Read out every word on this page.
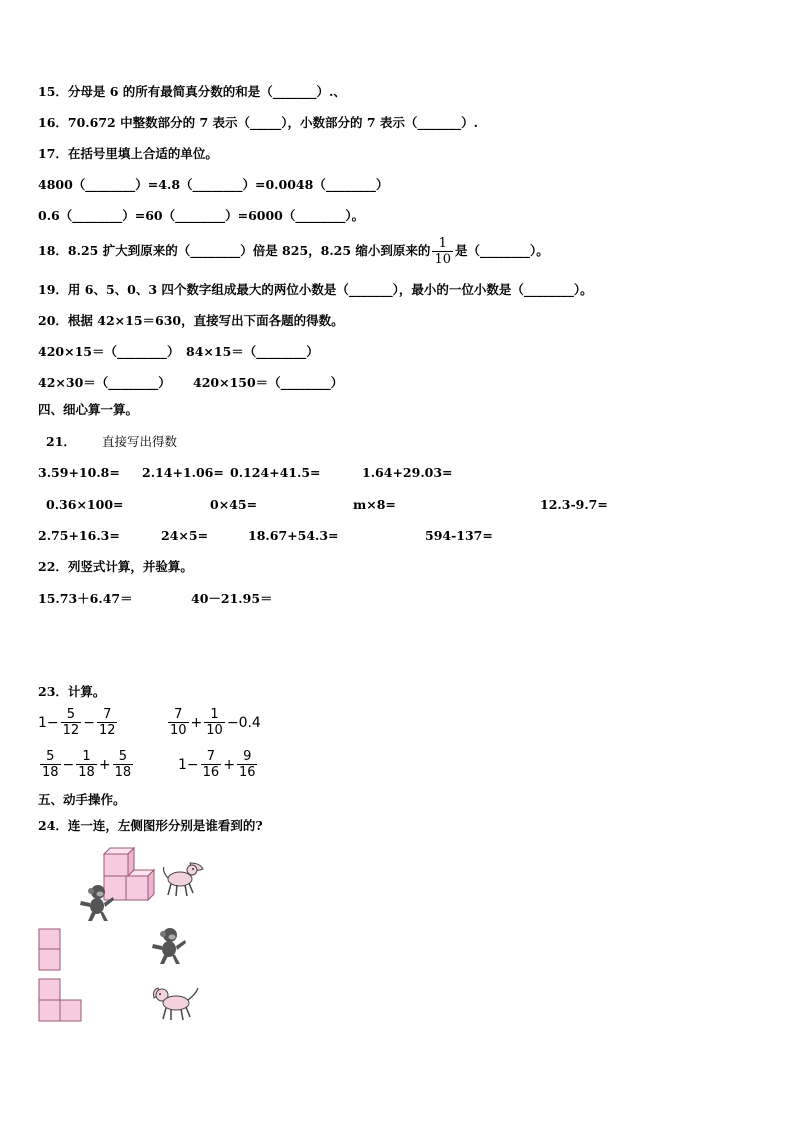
15．分母是 6 的所有最简真分数的和是（_______）.、
16．70.672 中整数部分的 7 表示（_____），小数部分的 7 表示（_______）.
17．在括号里填上合适的单位。
4800（________）=4.8（________）=0.0048（________）
0.6（________）=60（________）=6000（________）。
18．8.25 扩大到原来的（________）倍是 825，8.25 缩小到原来的 $\frac{1}{10}$ 是（________）。
19．用 6、5、0、3 四个数字组成最大的两位小数是（_______），最小的一位小数是（________）。
20．根据 42×15＝630，直接写出下面各题的得数。
420×15＝（________） 84×15＝（________）
42×30＝（________） 420×150＝（________）
四、细心算一算。
21． 直接写出得数
3.59+10.8= 2.14+1.06= 0.124+41.5=	1.64+29.03=
0.36×100=	0×45=	m×8=	12.3-9.7=
2.75+16.3=	24×5=	18.67+54.3=	594-137=
22．列竖式计算，并验算。
15.73＋6.47＝	40－21.95＝
23．计算。
$1- \frac{5}{12} - \frac{7}{12}$	$\frac{7}{10} + \frac{1}{10} -0.4$
$\frac{5}{18} - \frac{1}{18} + \frac{5}{18}$	$1- \frac{7}{16} + \frac{9}{16}$
五、动手操作。
24．连一连，左侧图形分别是谁看到的?
